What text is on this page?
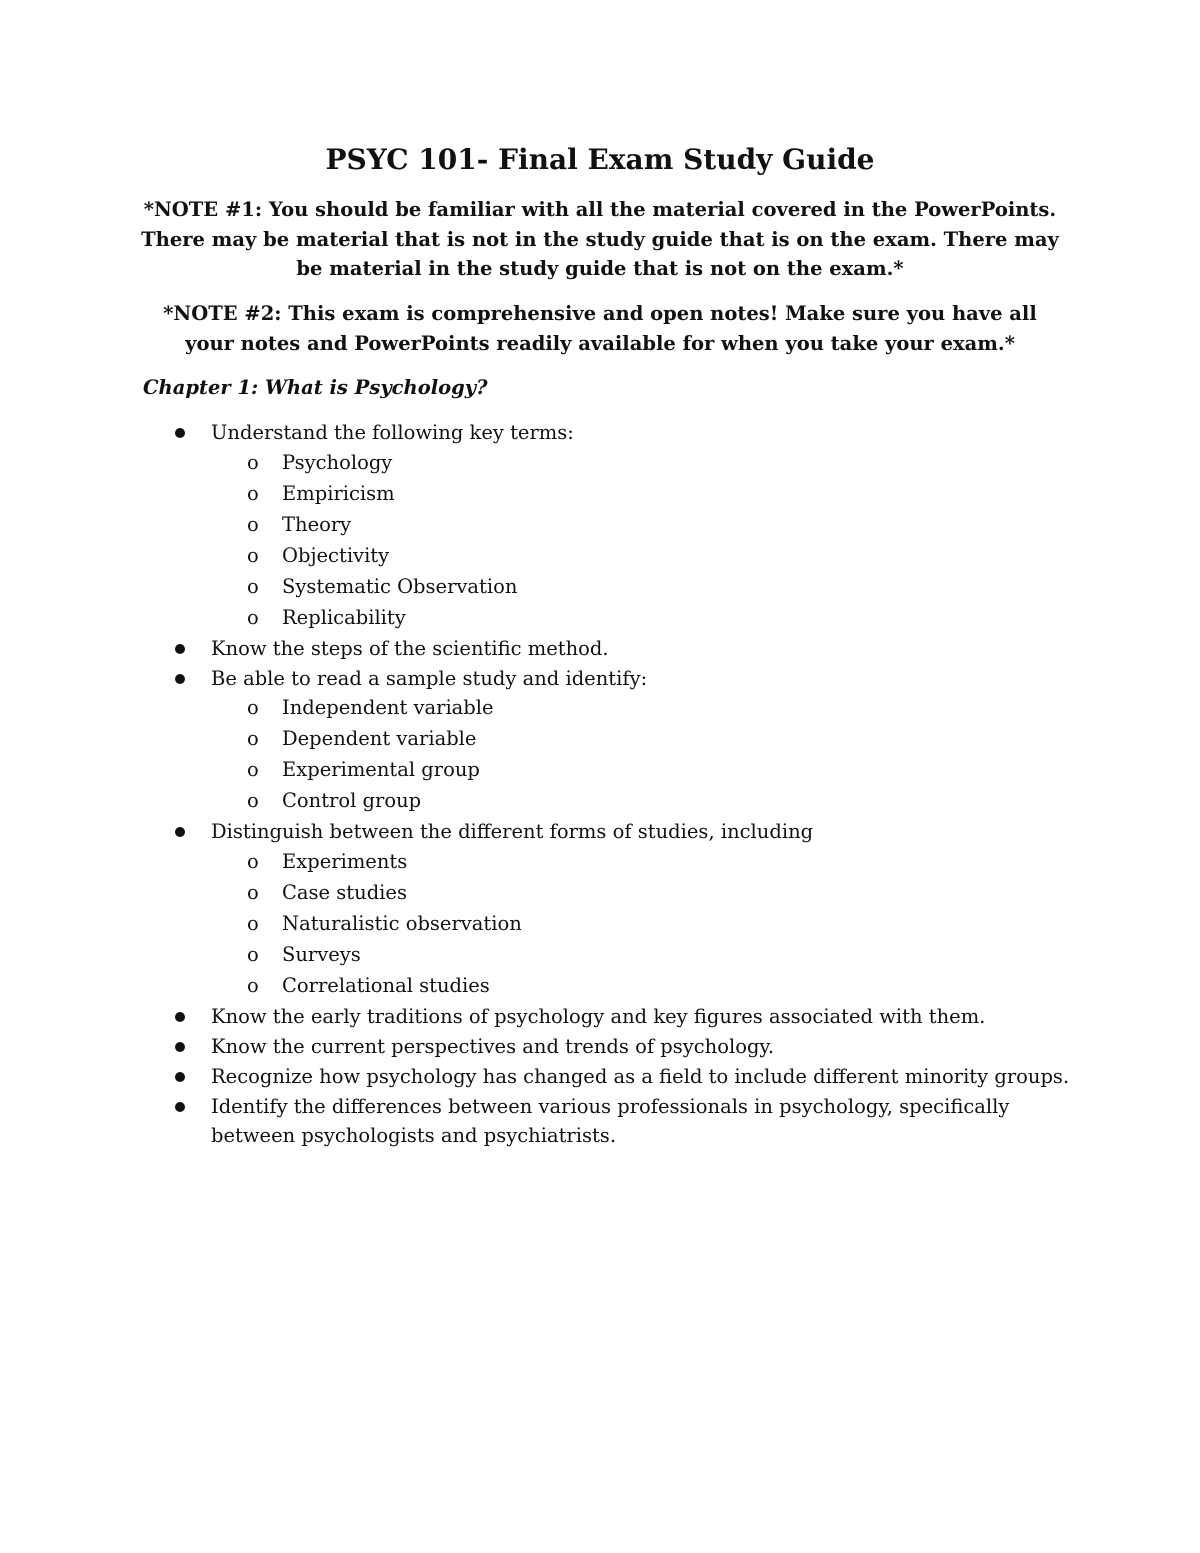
PSYC 101- Final Exam Study Guide

*NOTE #1: You should be familiar with all the material covered in the PowerPoints. There may be material that is not in the study guide that is on the exam. There may be material in the study guide that is not on the exam.*

*NOTE #2: This exam is comprehensive and open notes! Make sure you have all your notes and PowerPoints readily available for when you take your exam.*

Chapter 1: What is Psychology?

Understand the following key terms:
o Psychology
o Empiricism
o Theory
o Objectivity
o Systematic Observation
o Replicability
Know the steps of the scientific method.
Be able to read a sample study and identify:
o Independent variable
o Dependent variable
o Experimental group
o Control group
Distinguish between the different forms of studies, including
o Experiments
o Case studies
o Naturalistic observation
o Surveys
o Correlational studies
Know the early traditions of psychology and key figures associated with them.
Know the current perspectives and trends of psychology.
Recognize how psychology has changed as a field to include different minority groups.
Identify the differences between various professionals in psychology, specifically
between psychologists and psychiatrists.
